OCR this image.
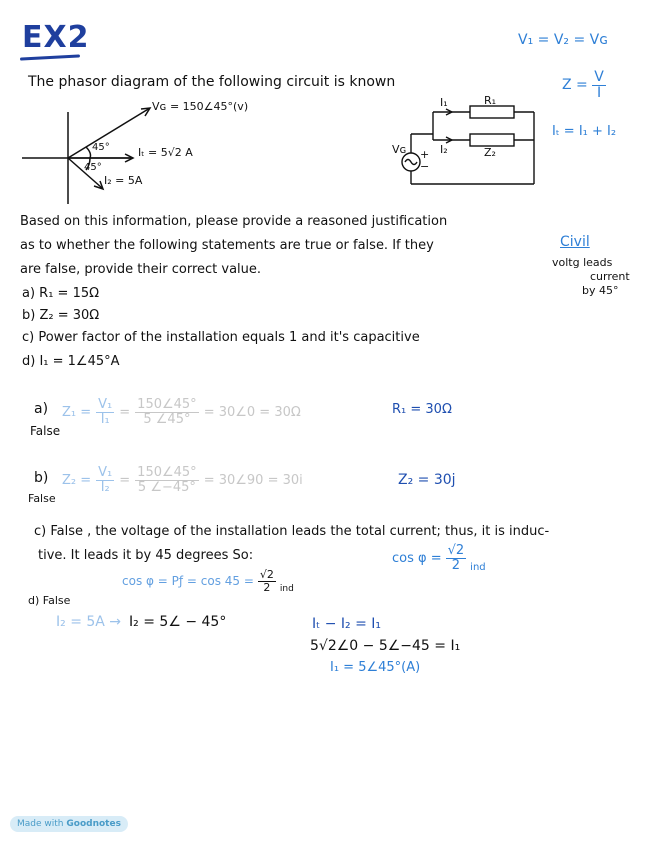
EX2	V₁ = V₂ = Vɢ
$Z = \frac{V}{I}$
Iₜ = I₁ + I₂
Civil
voltg leads
current
by 45°
The phasor diagram of the following circuit is known
Vɢ = 150∠45°(v)
Iₜ = 5√2 A
I₂ = 5A
45°
45°
I₁	R₁
I₂	Z₂
Vɢ +
−
Based on this information, please provide a reasoned justification
as to whether the following statements are true or false. If they
are false, provide their correct value.
a) R₁ = 15Ω
b) Z₂ = 30Ω
c) Power factor of the installation equals 1 and it's capacitive
d) I₁ = 1∠45°A
a)
False
$Z_1 = \frac{\text{V₁}}{\text{I₁}} = \frac{150\angle 45^\circ}{5 \angle 45^\circ}$ = 30∠0 = 30Ω	R₁ = 30Ω
b)
False
$Z_2 = \frac{\text{V₁}}{\text{I₂}} = \frac{150\angle 45^\circ}{5 \angle-45^\circ}$ = 30∠90 = 30i	Z₂ = 30j
c) False , the voltage of the installation leads the total current; thus, it is induc-
tive. It leads it by 45 degrees So:
cos φ = Pƒ = $\cos 45 = \frac{√2}{2}$ ind
$\cos \varphi = \frac{√2}{2}$ ind
d) False
I₂ = 5A → I₂ = 5∠ − 45°	Iₜ − I₂ = I₁
5√2∠0 − 5∠−45 = I₁
I₁ = 5∠45°(A)
Made with Goodnotes
